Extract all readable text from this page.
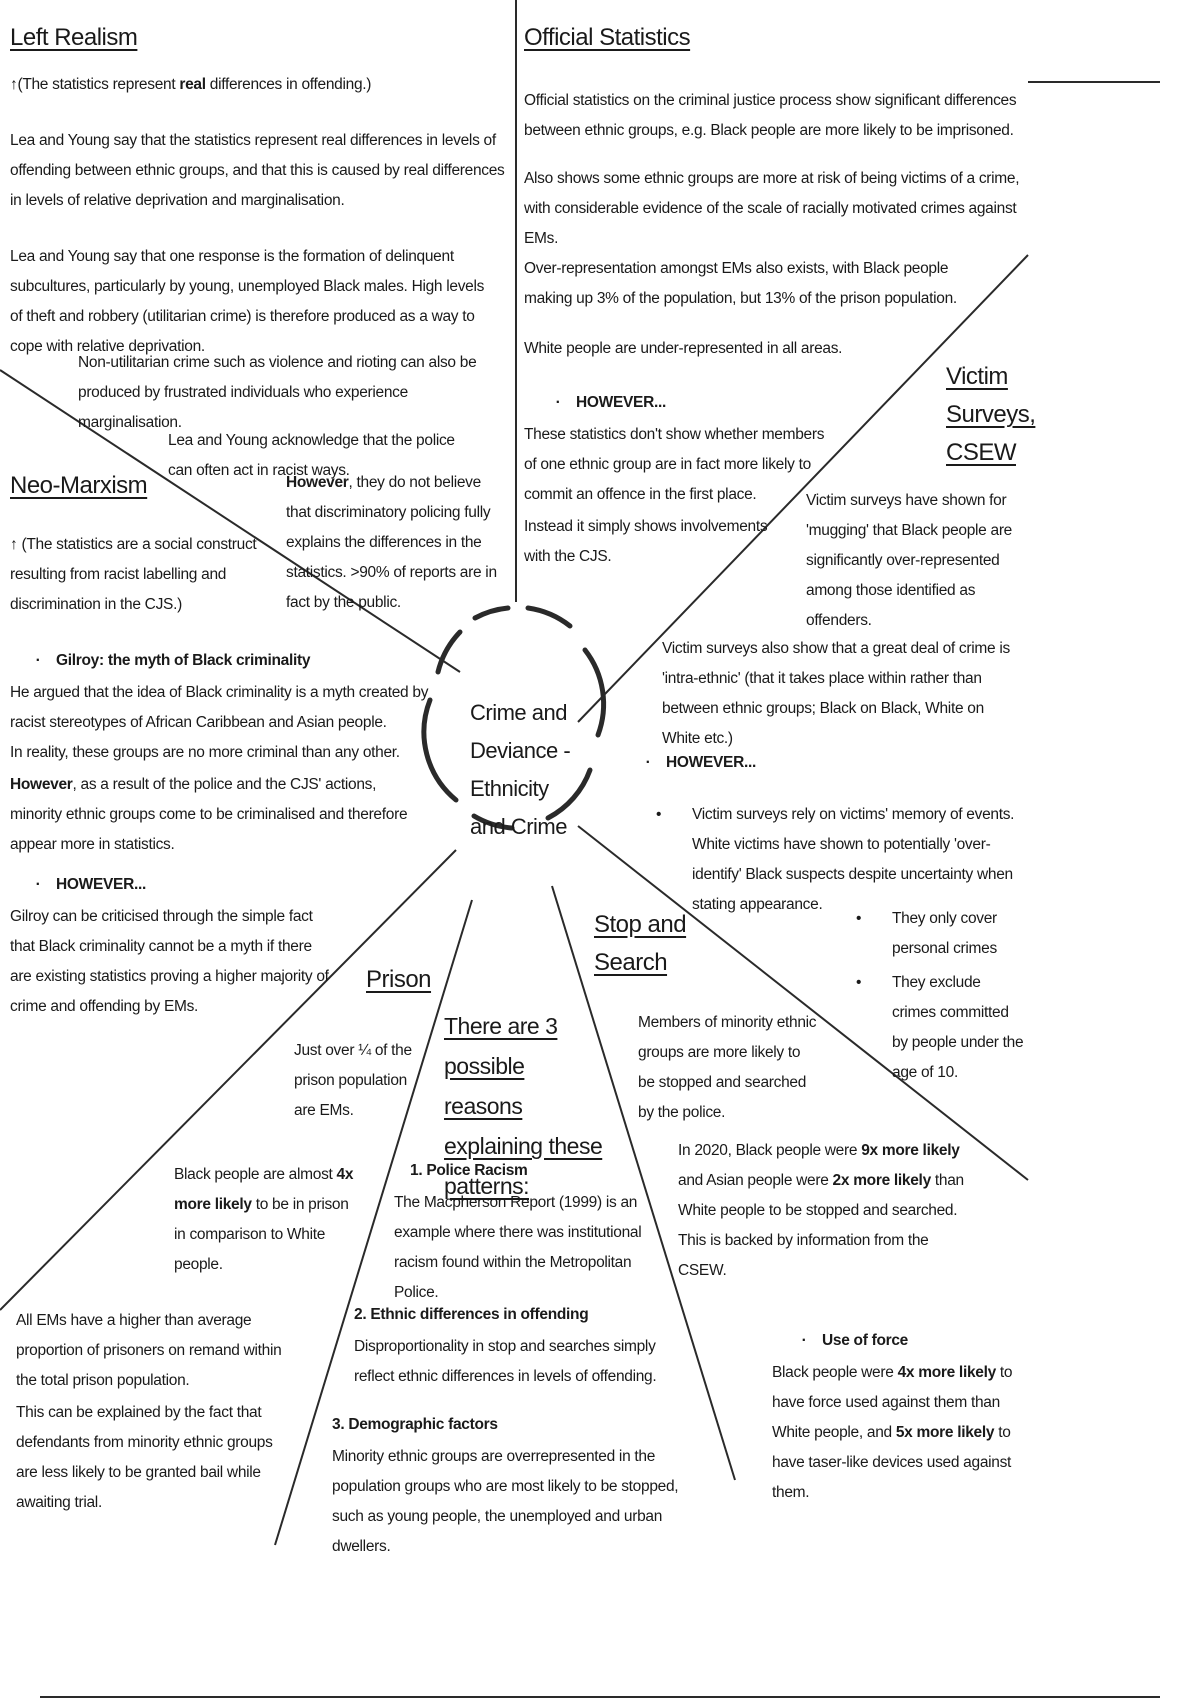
Crime and
Deviance -
Ethnicity
and Crime
Left Realism
↑(The statistics represent real differences in offending.)
Lea and Young say that the statistics represent real differences in levels of offending between ethnic groups, and that this is caused by real differences in levels of relative deprivation and marginalisation.
Lea and Young say that one response is the formation of delinquent subcultures, particularly by young, unemployed Black males. High levels of theft and robbery (utilitarian crime) is therefore produced as a way to cope with relative deprivation.
Non-utilitarian crime such as violence and rioting can also be produced by frustrated individuals who experience marginalisation.
Lea and Young acknowledge that the police can often act in racist ways.
However, they do not believe that discriminatory policing fully explains the differences in the statistics. >90% of reports are in fact by the public.
Official Statistics
Official statistics on the criminal justice process show significant differences between ethnic groups, e.g. Black people are more likely to be imprisoned.
Also shows some ethnic groups are more at risk of being victims of a crime, with considerable evidence of the scale of racially motivated crimes against EMs.
Over-representation amongst EMs also exists, with Black people making up 3% of the population, but 13% of the prison population.
White people are under-represented in all areas.
· HOWEVER...
These statistics don't show whether members of one ethnic group are in fact more likely to commit an offence in the first place.
Instead it simply shows involvements with the CJS.
Victim
Surveys,
CSEW
Victim surveys have shown for 'mugging' that Black people are significantly over-represented among those identified as offenders.
Victim surveys also show that a great deal of crime is 'intra-ethnic' (that it takes place within rather than between ethnic groups; Black on Black, White on White etc.)
· HOWEVER...
• Victim surveys rely on victims' memory of events. White victims have shown to potentially 'over-identify' Black suspects despite uncertainty when stating appearance.
• They only cover personal crimes
• They exclude crimes committed by people under the age of 10.
Neo-Marxism
↑ (The statistics are a social construct resulting from racist labelling and discrimination in the CJS.)
· Gilroy: the myth of Black criminality
He argued that the idea of Black criminality is a myth created by racist stereotypes of African Caribbean and Asian people.
In reality, these groups are no more criminal than any other.
However, as a result of the police and the CJS' actions, minority ethnic groups come to be criminalised and therefore appear more in statistics.
· HOWEVER...
Gilroy can be criticised through the simple fact that Black criminality cannot be a myth if there are existing statistics proving a higher majority of crime and offending by EMs.
Prison
Just over ¼ of the prison population are EMs.
Black people are almost 4x more likely to be in prison in comparison to White people.
All EMs have a higher than average proportion of prisoners on remand within the total prison population.
This can be explained by the fact that defendants from minority ethnic groups are less likely to be granted bail while awaiting trial.
There are 3 possible reasons explaining these patterns:
1. Police Racism
The Macpherson Report (1999) is an example where there was institutional racism found within the Metropolitan Police.
2. Ethnic differences in offending
Disproportionality in stop and searches simply reflect ethnic differences in levels of offending.
3. Demographic factors
Minority ethnic groups are overrepresented in the population groups who are most likely to be stopped, such as young people, the unemployed and urban dwellers.
Stop and
Search
Members of minority ethnic groups are more likely to be stopped and searched by the police.
In 2020, Black people were 9x more likely and Asian people were 2x more likely than White people to be stopped and searched. This is backed by information from the CSEW.
· Use of force
Black people were 4x more likely to have force used against them than White people, and 5x more likely to have taser-like devices used against them.
